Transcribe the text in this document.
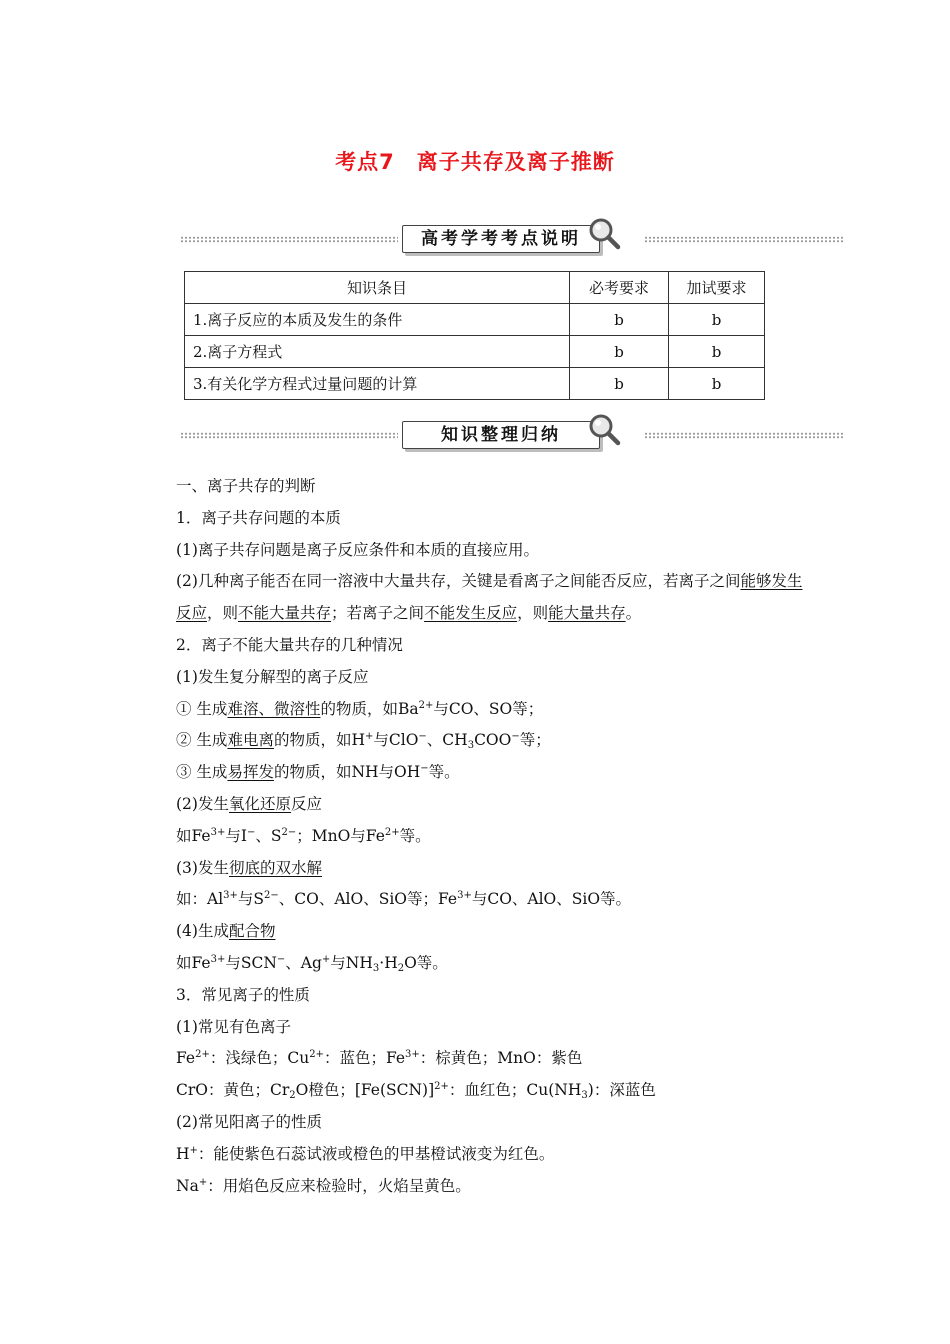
考点7　离子共存及离子推断
高考学考考点说明
知识条目	必考要求	加试要求
1.离子反应的本质及发生的条件	b	b
2.离子方程式	b	b
3.有关化学方程式过量问题的计算	b	b
知识整理归纳

一、离子共存的判断

1．离子共存问题的本质

(1)离子共存问题是离子反应条件和本质的直接应用。

(2)几种离子能否在同一溶液中大量共存，关键是看离子之间能否反应，若离子之间能够发生反应，则不能大量共存；若离子之间不能发生反应，则能大量共存。

2．离子不能大量共存的几种情况

(1)发生复分解型的离子反应

① 生成难溶、微溶性的物质，如$Ba^{2+}$与CO、SO等；

② 生成难电离的物质，如H+与ClO−、$CH_3COO^-$等；

③ 生成易挥发的物质，如NH与OH−等。

(2)发生氧化还原反应

如$Fe^{3+}$与I−、$S^{2-}$；MnO与$Fe^{2+}$等。

(3)发生彻底的双水解

如：$Al^{3+}$与$S^{2-}$、CO、AlO、SiO等；$Fe^{3+}$与CO、AlO、SiO等。

(4)生成配合物

如$Fe^{3+}$与SCN−、Ag+与$NH_3\cdot H_2O$等。

3．常见离子的性质

(1)常见有色离子

$Fe^{2+}$：浅绿色；$Cu^{2+}$：蓝色；$Fe^{3+}$：棕黄色；MnO：紫色

CrO：黄色；$Cr_2O$橙色；$[Fe(SCN)]^{2+}$：血红色；$Cu(NH_3)$：深蓝色

(2)常见阳离子的性质

H+：能使紫色石蕊试液或橙色的甲基橙试液变为红色。

Na+：用焰色反应来检验时，火焰呈黄色。
